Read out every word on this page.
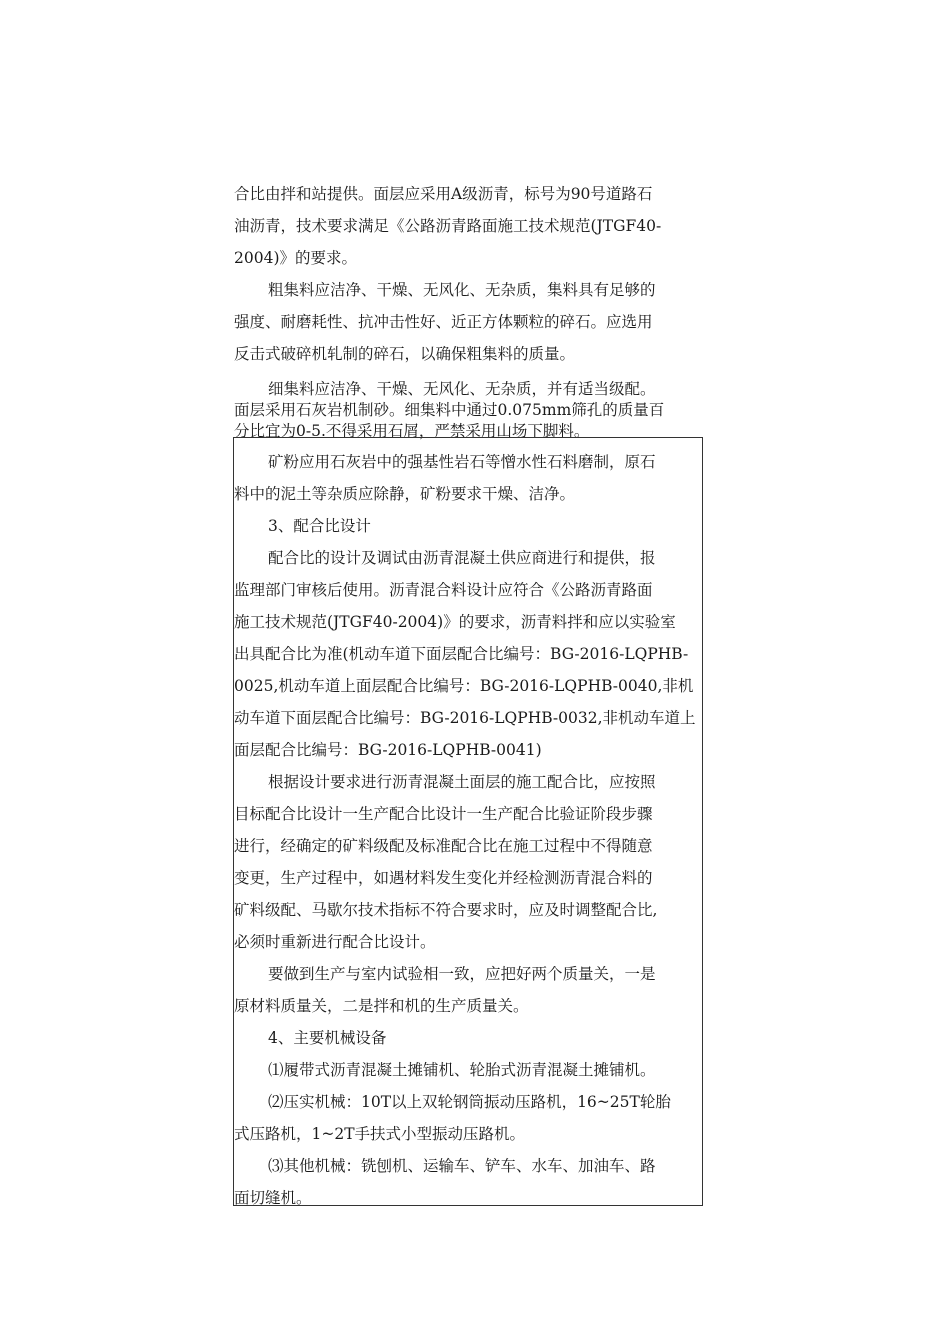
合比由拌和站提供。面层应采用A级沥青，标号为90号道路石

油沥青，技术要求满足《公路沥青路面施工技术规范(JTGF40-

2004)》的要求。

粗集料应洁净、干燥、无风化、无杂质，集料具有足够的

强度、耐磨耗性、抗冲击性好、近正方体颗粒的碎石。应选用

反击式破碎机轧制的碎石，以确保粗集料的质量。

细集料应洁净、干燥、无风化、无杂质，并有适当级配。

面层采用石灰岩机制砂。细集料中通过0.075mm筛孔的质量百

分比宜为0-5.不得采用石屑，严禁采用山场下脚料。

矿粉应用石灰岩中的强基性岩石等憎水性石料磨制，原石

料中的泥土等杂质应除静，矿粉要求干燥、洁净。

3、配合比设计

配合比的设计及调试由沥青混凝土供应商进行和提供，报

监理部门审核后使用。沥青混合料设计应符合《公路沥青路面

施工技术规范(JTGF40-2004)》的要求，沥青料拌和应以实验室

出具配合比为准(机动车道下面层配合比编号：BG-2016-LQPHB-

0025,机动车道上面层配合比编号：BG-2016-LQPHB-0040,非机

动车道下面层配合比编号：BG-2016-LQPHB-0032,非机动车道上

面层配合比编号：BG-2016-LQPHB-0041)

根据设计要求进行沥青混凝土面层的施工配合比，应按照

目标配合比设计一生产配合比设计一生产配合比验证阶段步骤

进行，经确定的矿料级配及标准配合比在施工过程中不得随意

变更，生产过程中，如遇材料发生变化并经检测沥青混合料的

矿料级配、马歇尔技术指标不符合要求时，应及时调整配合比,

必须时重新进行配合比设计。

要做到生产与室内试验相一致，应把好两个质量关，一是

原材料质量关，二是拌和机的生产质量关。

4、主要机械设备

⑴履带式沥青混凝土摊铺机、轮胎式沥青混凝土摊铺机。

⑵压实机械：10T以上双轮钢筒振动压路机，16~25T轮胎

式压路机，1~2T手扶式小型振动压路机。

⑶其他机械：铣刨机、运输车、铲车、水车、加油车、路

面切缝机。
